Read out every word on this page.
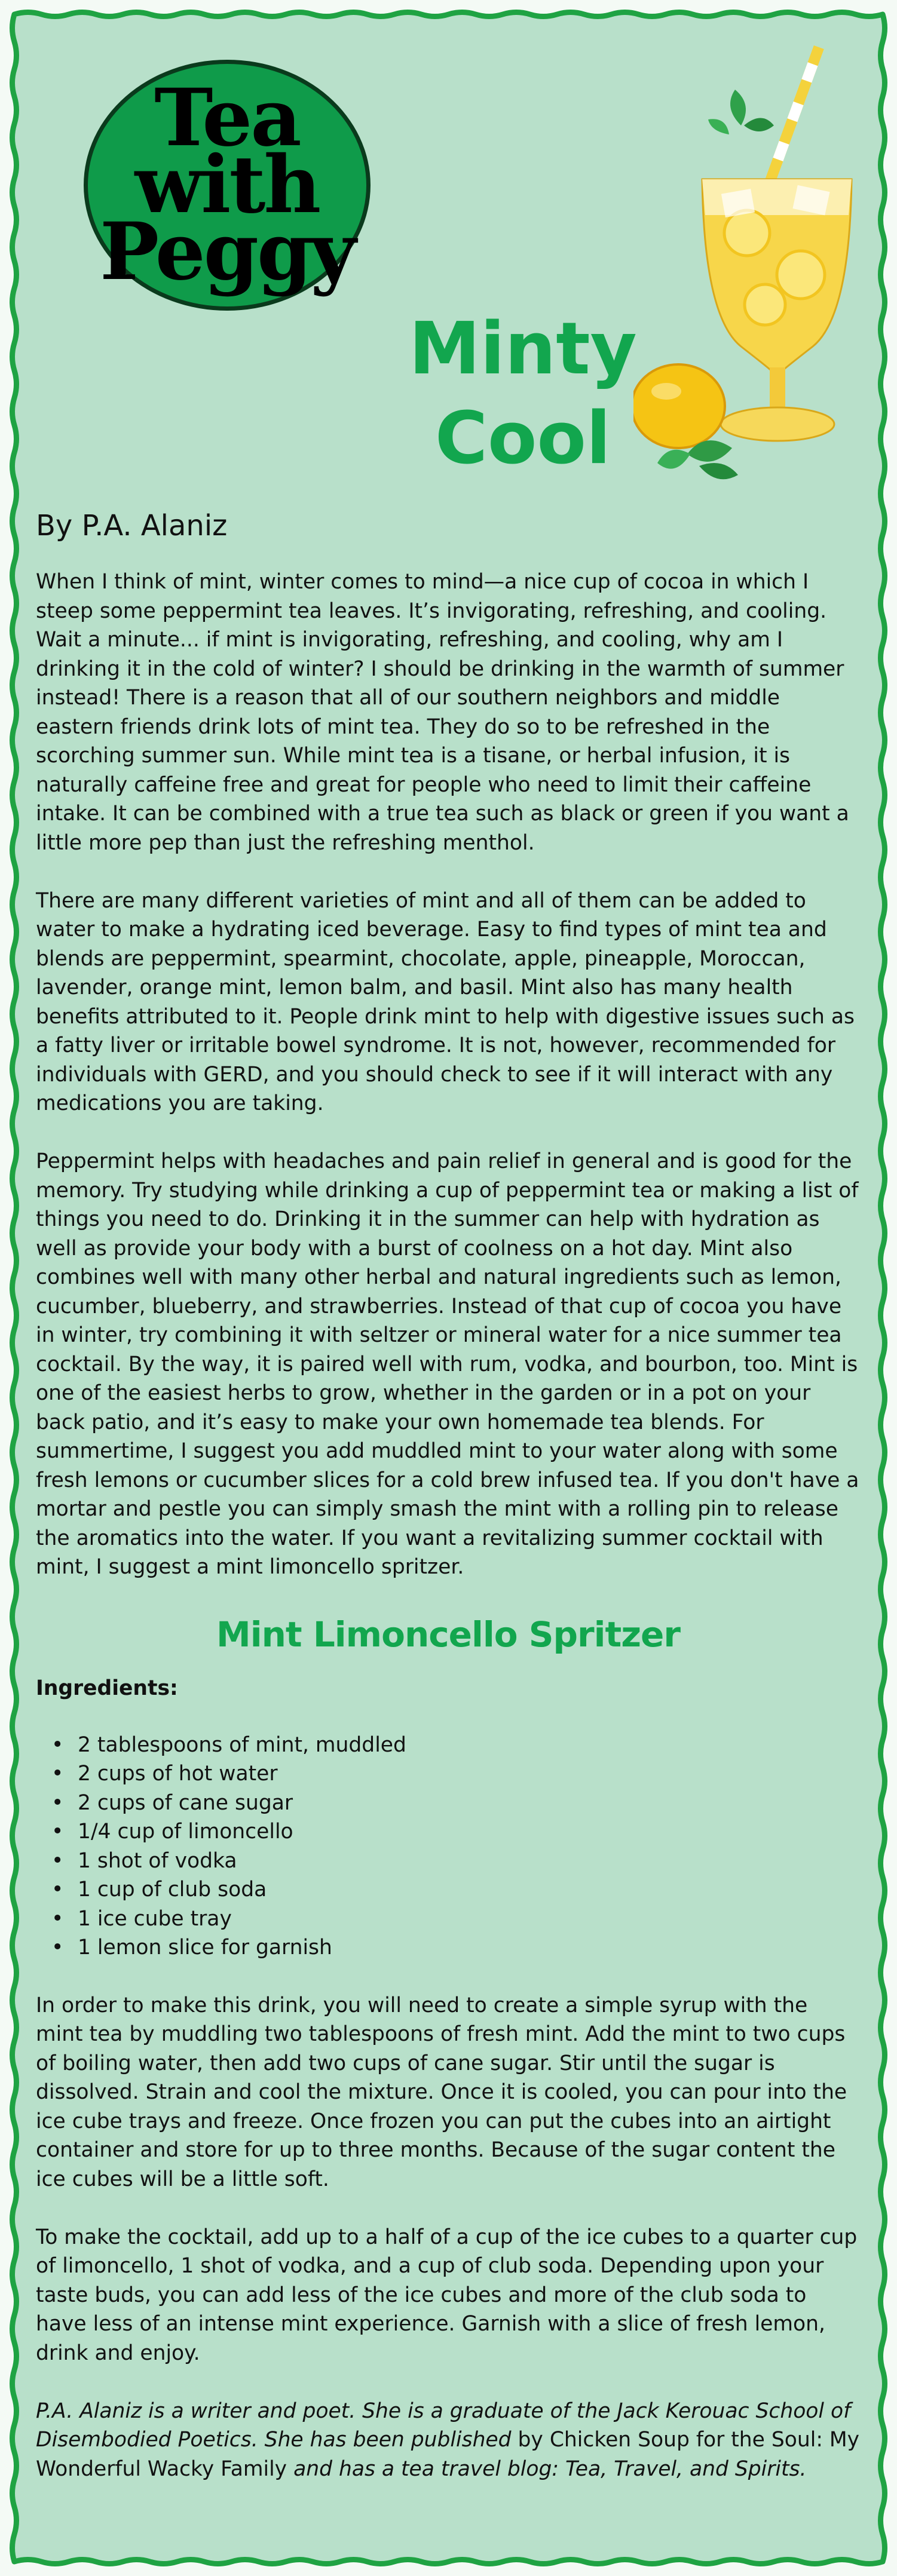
Tea
with
Peggy
Minty
Cool
By P.A. Alaniz

When I think of mint, winter comes to mind—a nice cup of cocoa in which I steep some peppermint tea leaves. It’s invigorating, refreshing, and cooling. Wait a minute... if mint is invigorating, refreshing, and cooling, why am I drinking it in the cold of winter? I should be drinking in the warmth of summer instead! There is a reason that all of our southern neighbors and middle eastern friends drink lots of mint tea. They do so to be refreshed in the scorching summer sun. While mint tea is a tisane, or herbal infusion, it is naturally caffeine free and great for people who need to limit their caffeine intake. It can be combined with a true tea such as black or green if you want a little more pep than just the refreshing menthol.

There are many different varieties of mint and all of them can be added to water to make a hydrating iced beverage. Easy to find types of mint tea and blends are peppermint, spearmint, chocolate, apple, pineapple, Moroccan, lavender, orange mint, lemon balm, and basil. Mint also has many health benefits attributed to it. People drink mint to help with digestive issues such as a fatty liver or irritable bowel syndrome. It is not, however, recommended for individuals with GERD, and you should check to see if it will interact with any medications you are taking.

Peppermint helps with headaches and pain relief in general and is good for the memory. Try studying while drinking a cup of peppermint tea or making a list of things you need to do. Drinking it in the summer can help with hydration as well as provide your body with a burst of coolness on a hot day. Mint also combines well with many other herbal and natural ingredients such as lemon, cucumber, blueberry, and strawberries. Instead of that cup of cocoa you have in winter, try combining it with seltzer or mineral water for a nice summer tea cocktail. By the way, it is paired well with rum, vodka, and bourbon, too. Mint is one of the easiest herbs to grow, whether in the garden or in a pot on your back patio, and it’s easy to make your own homemade tea blends. For summertime, I suggest you add muddled mint to your water along with some fresh lemons or cucumber slices for a cold brew infused tea. If you don't have a mortar and pestle you can simply smash the mint with a rolling pin to release the aromatics into the water. If you want a revitalizing summer cocktail with mint, I suggest a mint limoncello spritzer.

Mint Limoncello Spritzer
Ingredients:
• 2 tablespoons of mint, muddled
• 2 cups of hot water
• 2 cups of cane sugar
• 1/4 cup of limoncello
• 1 shot of vodka
• 1 cup of club soda
• 1 ice cube tray
• 1 lemon slice for garnish

In order to make this drink, you will need to create a simple syrup with the mint tea by muddling two tablespoons of fresh mint. Add the mint to two cups of boiling water, then add two cups of cane sugar. Stir until the sugar is dissolved. Strain and cool the mixture. Once it is cooled, you can pour into the ice cube trays and freeze. Once frozen you can put the cubes into an airtight container and store for up to three months. Because of the sugar content the ice cubes will be a little soft.

To make the cocktail, add up to a half of a cup of the ice cubes to a quarter cup of limoncello, 1 shot of vodka, and a cup of club soda. Depending upon your taste buds, you can add less of the ice cubes and more of the club soda to have less of an intense mint experience. Garnish with a slice of fresh lemon, drink and enjoy.

P.A. Alaniz is a writer and poet. She is a graduate of the Jack Kerouac School of Disembodied Poetics. She has been published by Chicken Soup for the Soul: My Wonderful Wacky Family and has a tea travel blog: Tea, Travel, and Spirits.
